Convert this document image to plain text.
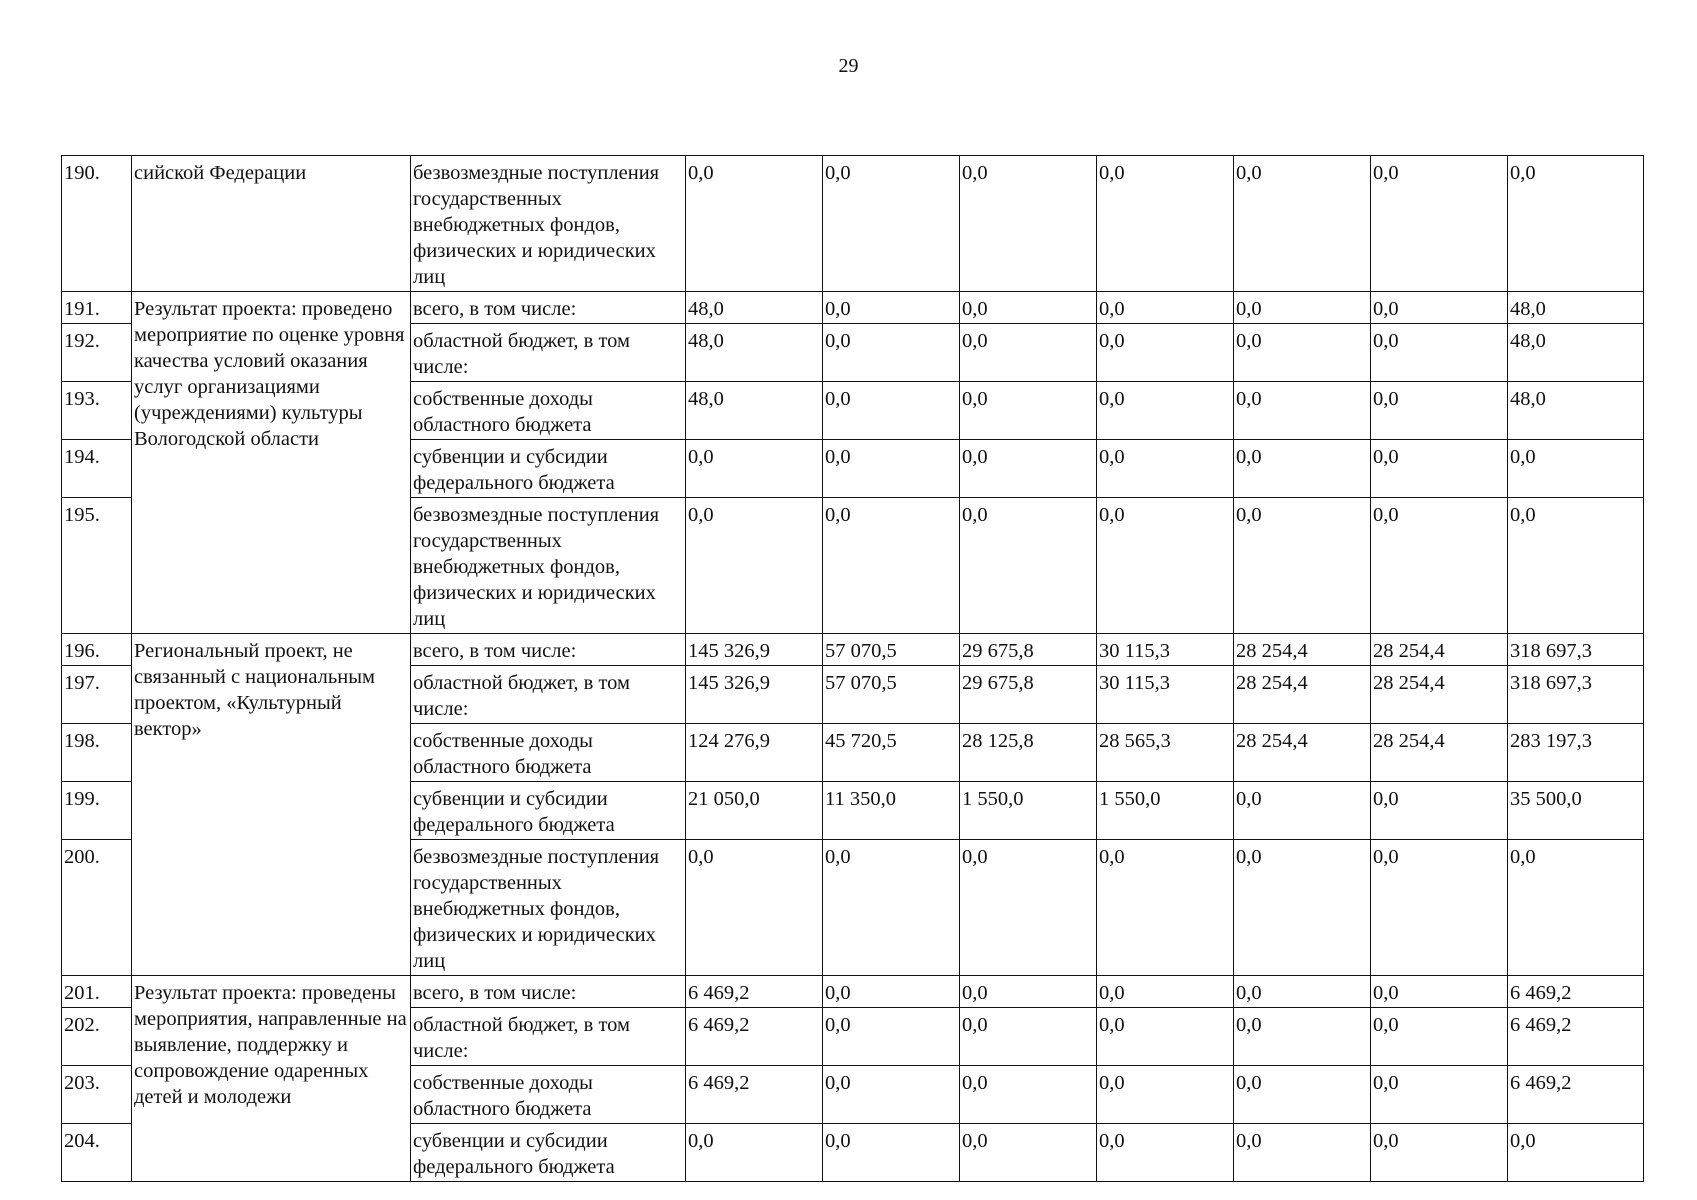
29
190.	сийской Федерации	безвозмездные поступления государственных внебюджетных фондов, физических и юридических лиц	0,0	0,0	0,0	0,0	0,0	0,0	0,0
191.	Результат проекта: проведено мероприятие по оценке уровня качества условий оказания услуг организациями (учреждениями) культуры Вологодской области	всего, в том числе:	48,0	0,0	0,0	0,0	0,0	0,0	48,0
192.		областной бюджет, в том числе:	48,0	0,0	0,0	0,0	0,0	0,0	48,0
193.		собственные доходы областного бюджета	48,0	0,0	0,0	0,0	0,0	0,0	48,0
194.		субвенции и субсидии федерального бюджета	0,0	0,0	0,0	0,0	0,0	0,0	0,0
195.		безвозмездные поступления государственных внебюджетных фондов, физических и юридических лиц	0,0	0,0	0,0	0,0	0,0	0,0	0,0
196.	Региональный проект, не связанный с национальным проектом, «Культурный вектор»	всего, в том числе:	145 326,9	57 070,5	29 675,8	30 115,3	28 254,4	28 254,4	318 697,3
197.		областной бюджет, в том числе:	145 326,9	57 070,5	29 675,8	30 115,3	28 254,4	28 254,4	318 697,3
198.		собственные доходы областного бюджета	124 276,9	45 720,5	28 125,8	28 565,3	28 254,4	28 254,4	283 197,3
199.		субвенции и субсидии федерального бюджета	21 050,0	11 350,0	1 550,0	1 550,0	0,0	0,0	35 500,0
200.		безвозмездные поступления государственных внебюджетных фондов, физических и юридических лиц	0,0	0,0	0,0	0,0	0,0	0,0	0,0
201.	Результат проекта: проведены мероприятия, направленные на выявление, поддержку и сопровождение одаренных детей и молодежи	всего, в том числе:	6 469,2	0,0	0,0	0,0	0,0	0,0	6 469,2
202.		областной бюджет, в том числе:	6 469,2	0,0	0,0	0,0	0,0	0,0	6 469,2
203.		собственные доходы областного бюджета	6 469,2	0,0	0,0	0,0	0,0	0,0	6 469,2
204.		субвенции и субсидии федерального бюджета	0,0	0,0	0,0	0,0	0,0	0,0	0,0
